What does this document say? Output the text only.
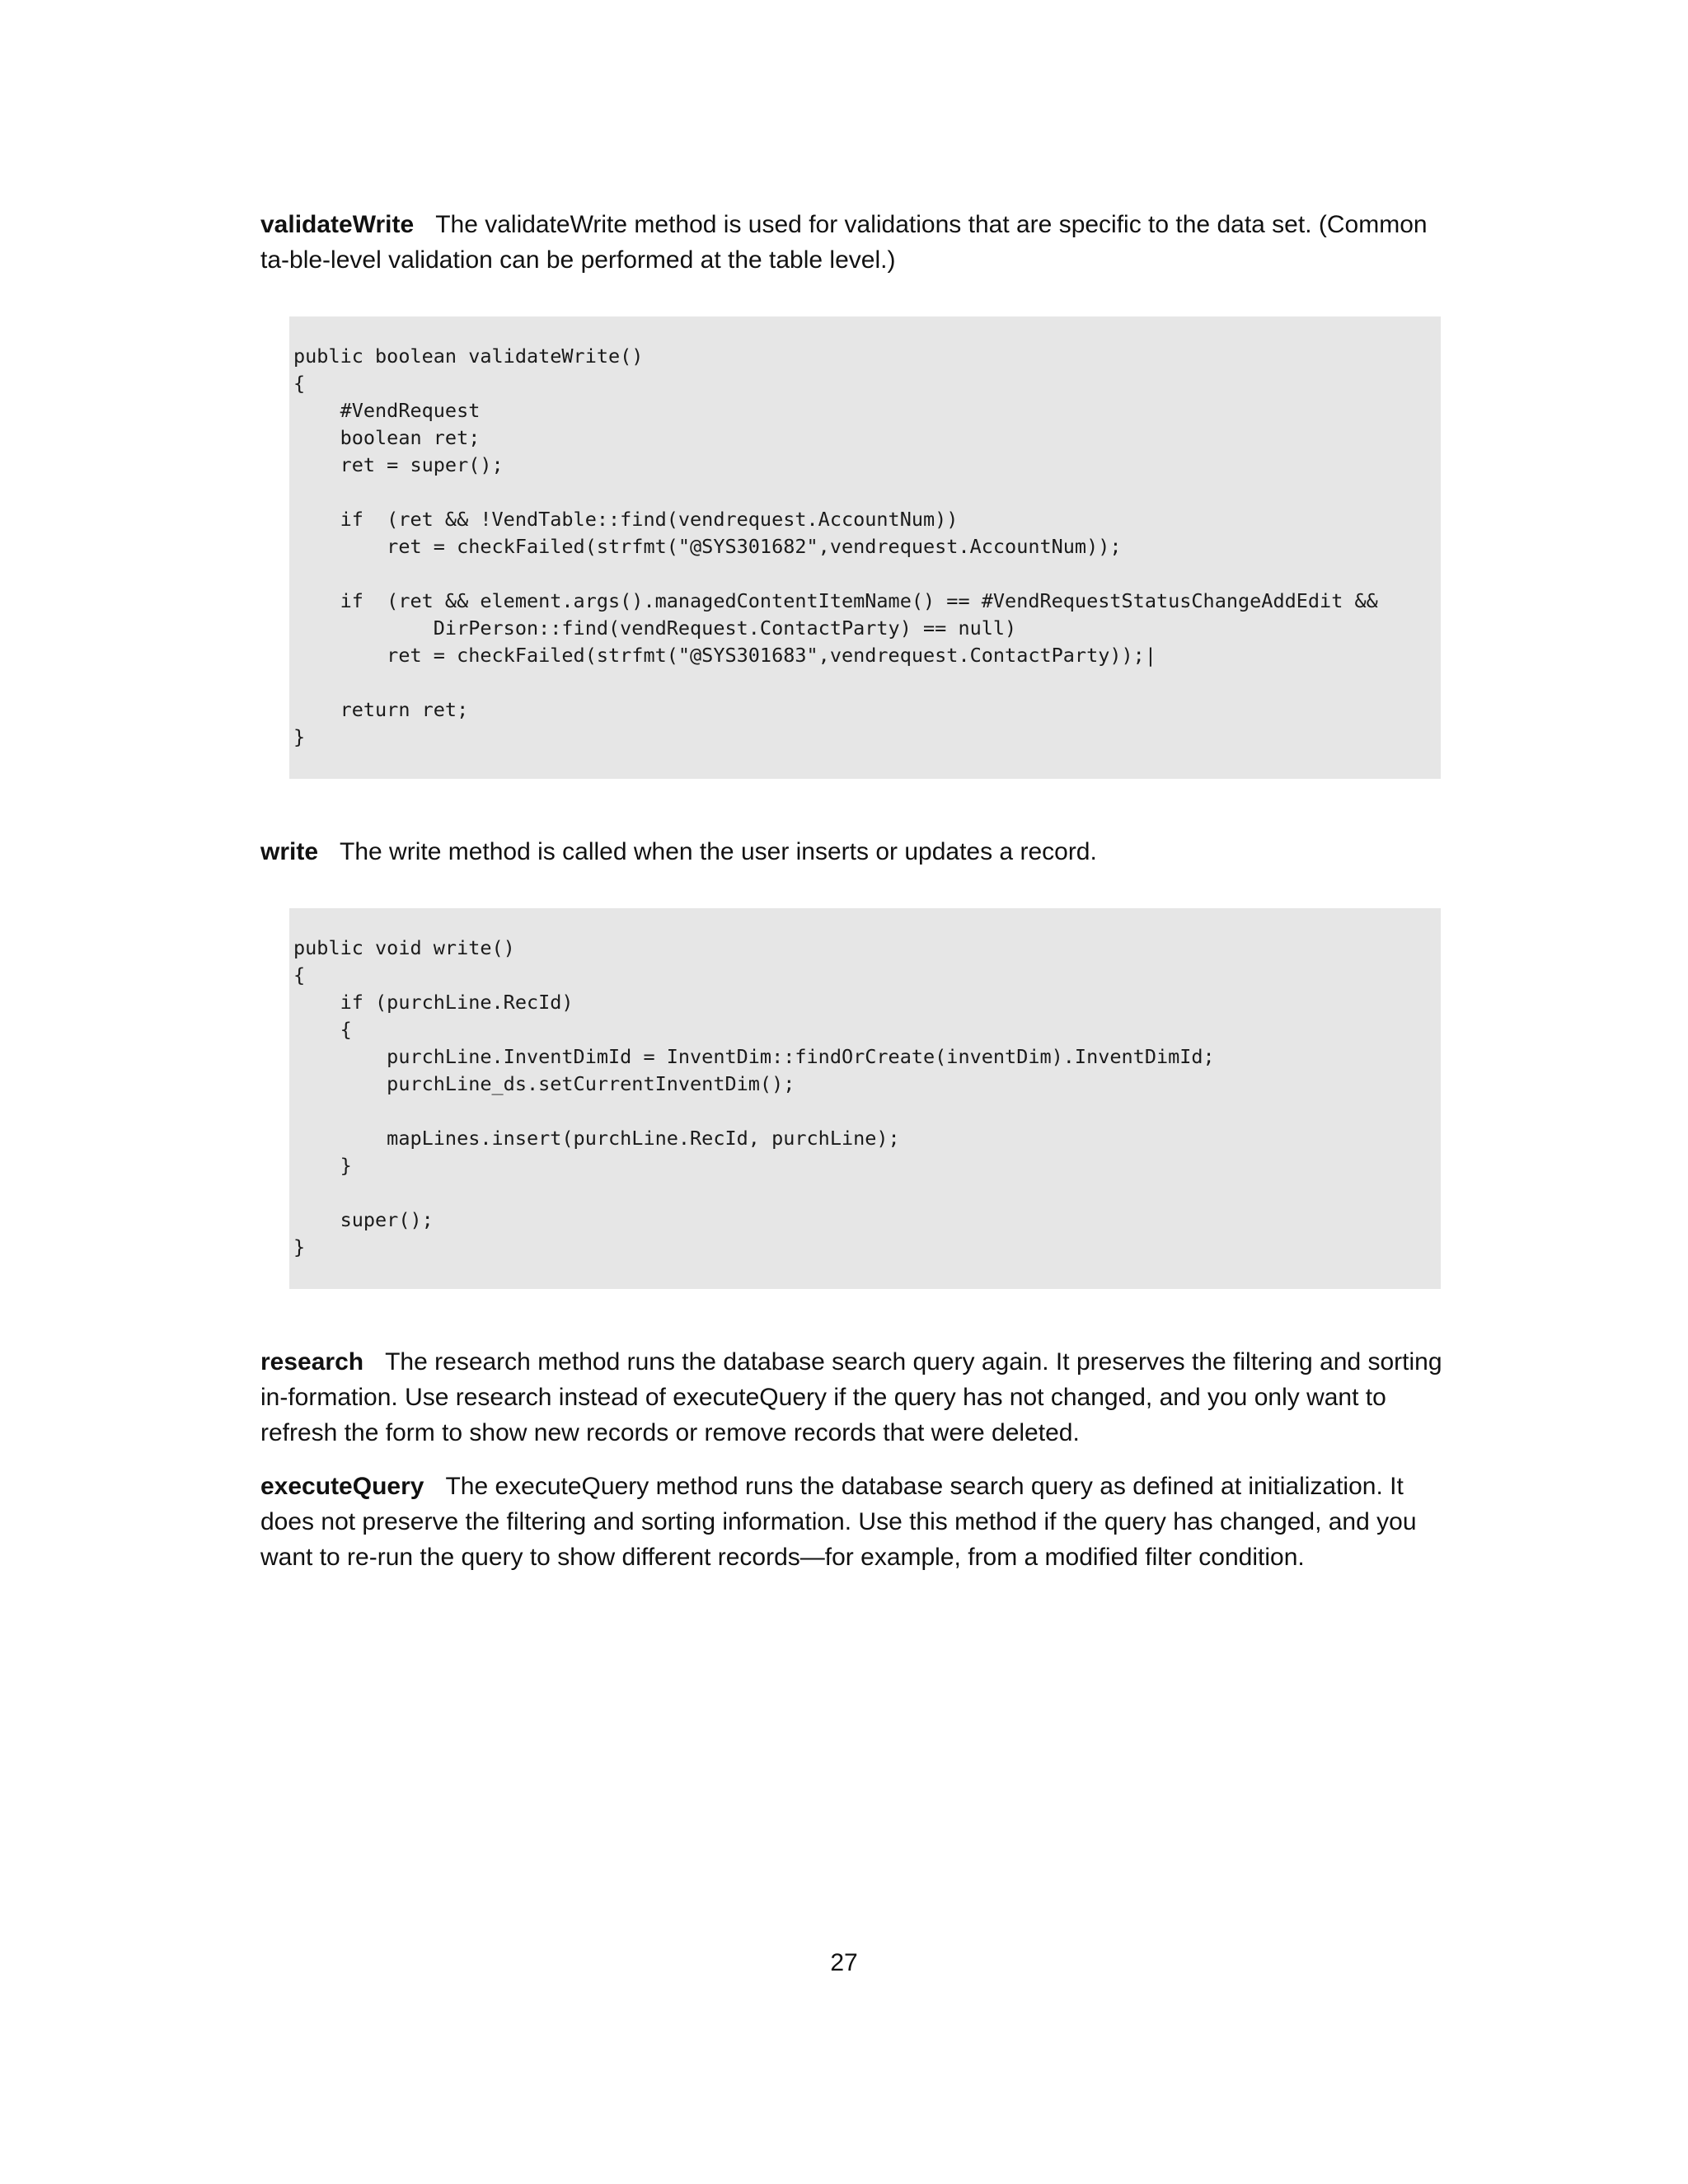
validateWrite The validateWrite method is used for validations that are specific to the data set. (Common ta-ble-level validation can be performed at the table level.)

public boolean validateWrite()
{
#VendRequest
boolean ret;
ret = super();
if  (ret && !VendTable::find(vendrequest.AccountNum))
ret = checkFailed(strfmt("@SYS301682",vendrequest.AccountNum));
if  (ret && element.args().managedContentItemName() == #VendRequestStatusChangeAddEdit &&
DirPerson::find(vendRequest.ContactParty) == null)
ret = checkFailed(strfmt("@SYS301683",vendrequest.ContactParty));|
return ret;
}

write The write method is called when the user inserts or updates a record.

public void write()
{
if (purchLine.RecId)
{
purchLine.InventDimId = InventDim::findOrCreate(inventDim).InventDimId;
purchLine_ds.setCurrentInventDim();
mapLines.insert(purchLine.RecId, purchLine);
}
super();
}

research The research method runs the database search query again. It preserves the filtering and sorting in-formation. Use research instead of executeQuery if the query has not changed, and you only want to refresh the form to show new records or remove records that were deleted.

executeQuery The executeQuery method runs the database search query as defined at initialization. It does not preserve the filtering and sorting information. Use this method if the query has changed, and you want to re-run the query to show different records—for example, from a modified filter condition.

27
